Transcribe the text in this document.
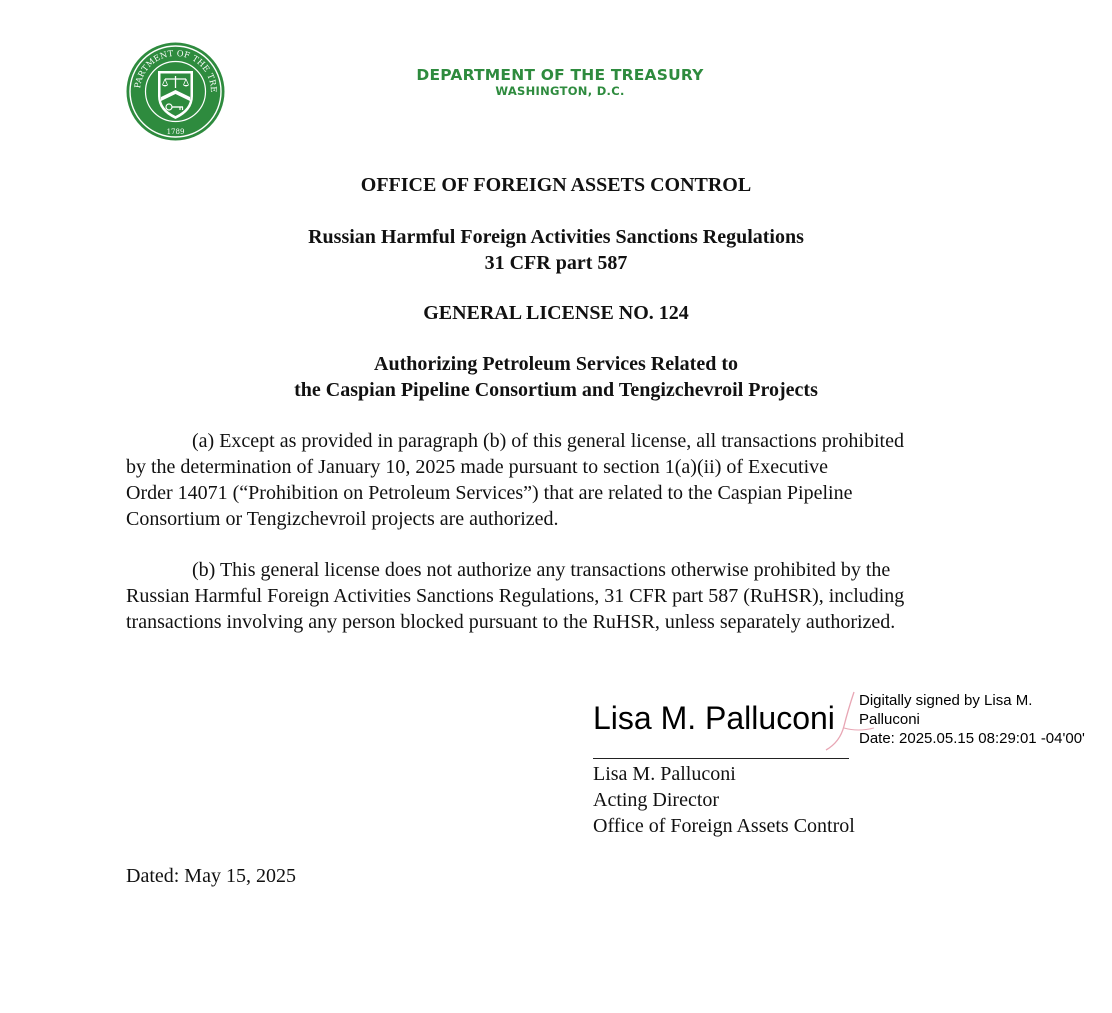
PARTMENT OF THE TRE
1789
DEPARTMENT OF THE TREASURY
WASHINGTON, D.C.
OFFICE OF FOREIGN ASSETS CONTROL
Russian Harmful Foreign Activities Sanctions Regulations
31 CFR part 587
GENERAL LICENSE NO. 124
Authorizing Petroleum Services Related to
the Caspian Pipeline Consortium and Tengizchevroil Projects
(a) Except as provided in paragraph (b) of this general license, all transactions prohibited
by the determination of January 10, 2025 made pursuant to section 1(a)(ii) of Executive
Order 14071 (“Prohibition on Petroleum Services”) that are related to the Caspian Pipeline
Consortium or Tengizchevroil projects are authorized.
(b) This general license does not authorize any transactions otherwise prohibited by the
Russian Harmful Foreign Activities Sanctions Regulations, 31 CFR part 587 (RuHSR), including
transactions involving any person blocked pursuant to the RuHSR, unless separately authorized.
Lisa M. Palluconi Digitally signed by Lisa M.
Palluconi
Date: 2025.05.15 08:29:01 -04'00'
Lisa M. Palluconi
Acting Director
Office of Foreign Assets Control
Dated: May 15, 2025
